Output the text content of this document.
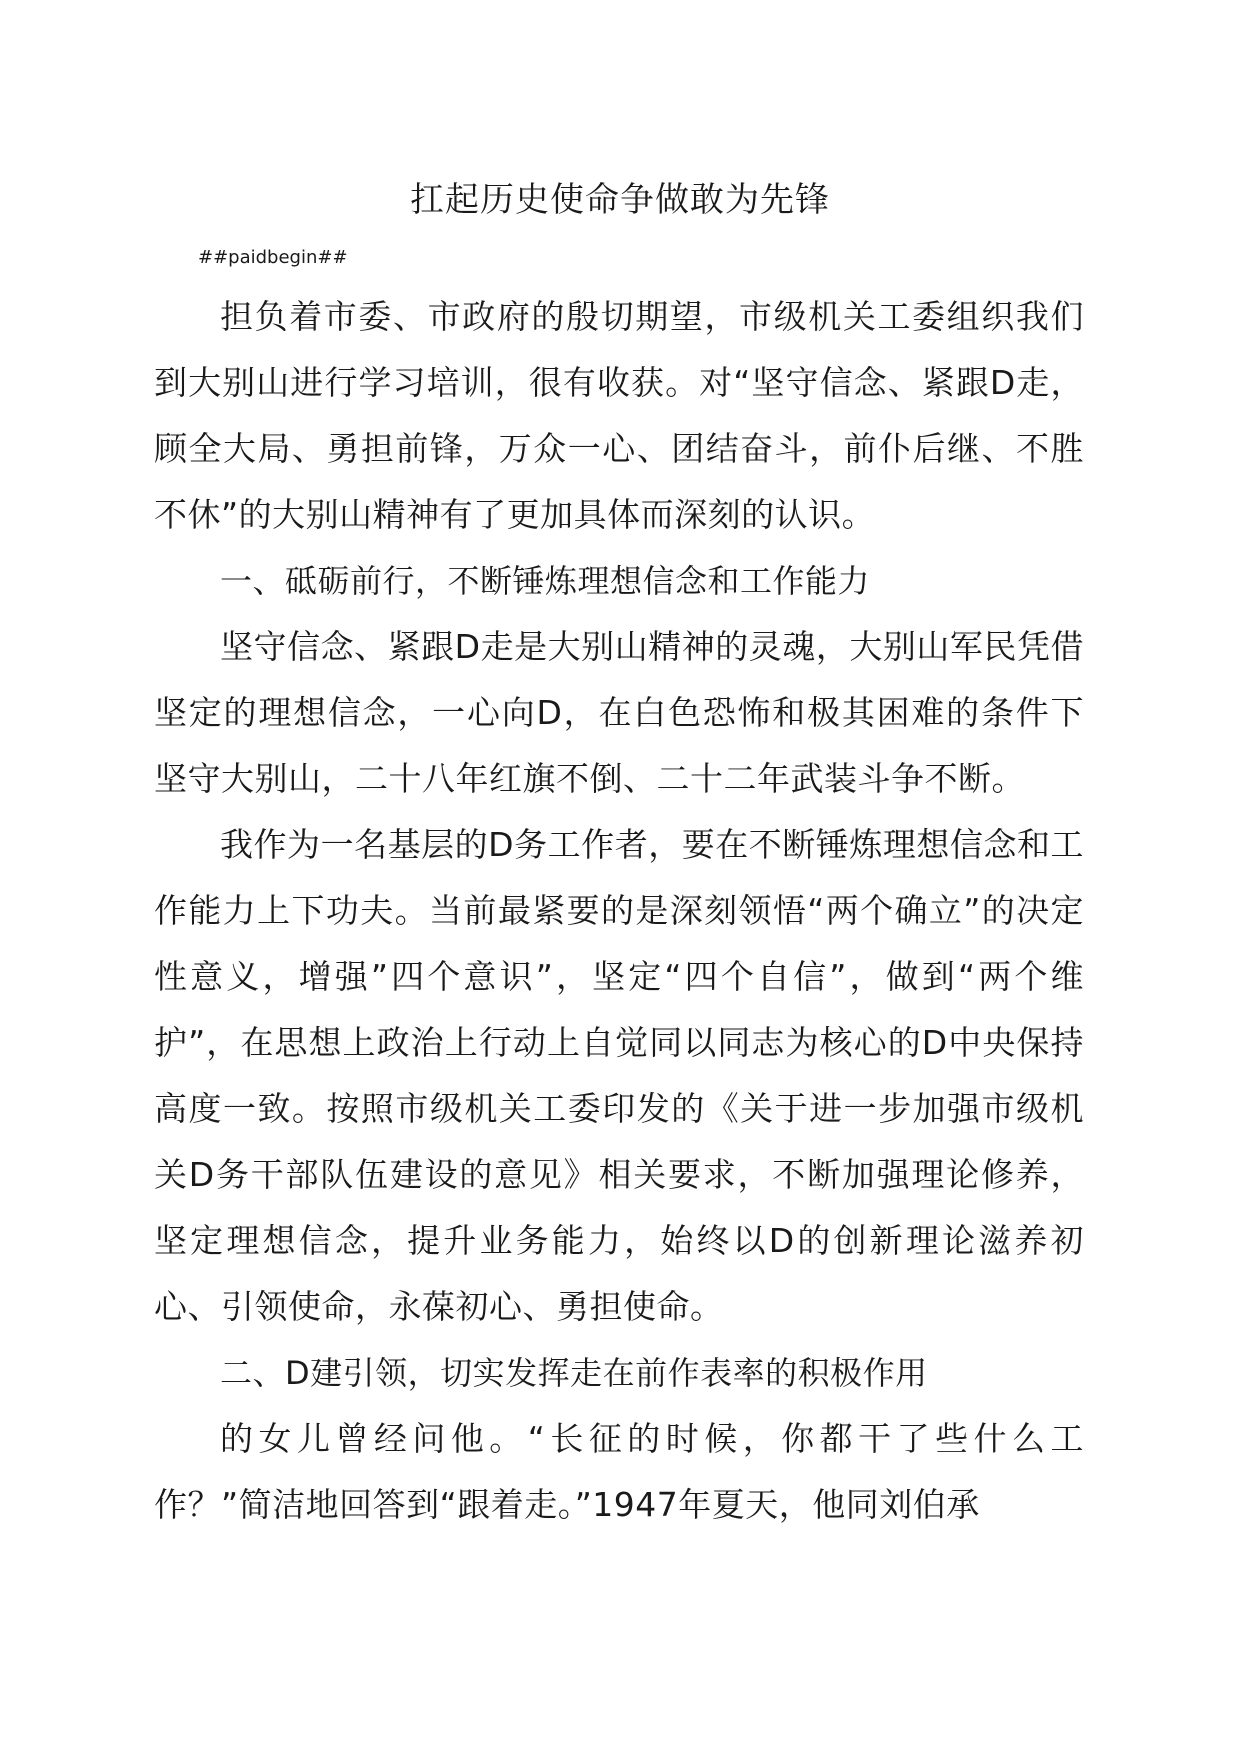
扛起历史使命争做敢为先锋

##paidbegin##

担负着市委、市政府的殷切期望，市级机关工委组织我们到大别山进行学习培训，很有收获。对“坚守信念、紧跟D走，顾全大局、勇担前锋，万众一心、团结奋斗，前仆后继、不胜不休”的大别山精神有了更加具体而深刻的认识。

一、砥砺前行，不断锤炼理想信念和工作能力

坚守信念、紧跟D走是大别山精神的灵魂，大别山军民凭借坚定的理想信念，一心向D，在白色恐怖和极其困难的条件下坚守大别山，二十八年红旗不倒、二十二年武装斗争不断。

我作为一名基层的D务工作者，要在不断锤炼理想信念和工作能力上下功夫。当前最紧要的是深刻领悟“两个确立”的决定性意义，增强”四个意识”，坚定“四个自信”，做到“两个维护”，在思想上政治上行动上自觉同以同志为核心的D中央保持高度一致。按照市级机关工委印发的《关于进一步加强市级机关D务干部队伍建设的意见》相关要求，不断加强理论修养，坚定理想信念，提升业务能力，始终以D的创新理论滋养初心、引领使命，永葆初心、勇担使命。

二、D建引领，切实发挥走在前作表率的积极作用

的女儿曾经问他。“长征的时候，你都干了些什么工作？”简洁地回答到“跟着走。”1947年夏天，他同刘伯承
